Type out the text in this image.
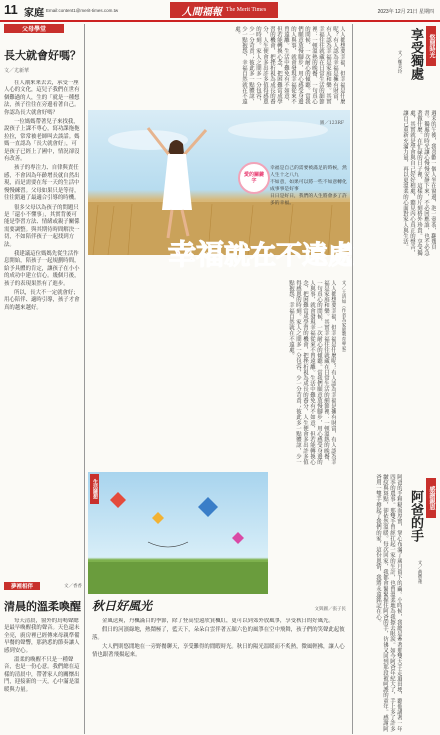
11 家庭 Email:content1@merit-times.com.tw	人間福報 The Merit Times	2023年 12月 21日 星期四
父母學堂
長大就會好嗎？
文／尤新華

在人潮來來去去，承受一座人心的文化，這兒子我們在世有個難過的人，生的「就是一種想法，孩子往往在旁邊看著自己。你認為長大就會好嗎？

一位媽媽帶著兒子來找我，說孩子上課不專心，寫功課拖拖拉拉，常常被老師叫去談話。媽媽一直認為「長大就會好」，可是孩子已經上了國中，情況卻沒有改善。

孩子的專注力、自律與責任感，不會因為年齡增長就自然出現，而是需要在每一天的生活中慢慢練習。父母如果只是等待，往往錯過了最適合引導的時機。

很多父母以為孩子的問題只是「還小不懂事」，其實背後可能是學習方法、情緒或親子關係需要調整。與其期待時間解決一切，不如陪伴孩子一起找到方法。

我建議這位媽媽先從生活作息開始，陪孩子一起規劃時間，給予具體的肯定，讓孩子在小小的成功中建立信心。幾個月後，孩子的表現果然有了進步。

所以，長大不一定就會好；用心陪伴、適時引導，孩子才會真的越來越好。

夢裡相伴	文／香香
清晨的溫柔喚醒

每天清晨，窗外的鳥鳴聲總是最早喚醒我的聲音。天色還未全亮，廚房裡已經傳來母親準備早餐的聲響，那熟悉的節奏讓人感到安心。

溫柔的喚醒不只是一種聲音，也是一份心意。我們總在這樣的清晨中，帶著家人的關懷出門，迎接新的一天，心中滿是溫暖與力量。

圖／123RF
愛的關鍵字
幸福是自己的需要被滿足的時候，然人生十之八九
不如意，如果可以將一些不如意轉化成事事是好事
日日是好日，我們的人生將會多了許多的幸福。
幸福 就在不遠處
人人都想要幸福，但幸福是什麼呢？有人認為幸福是擁有財富，有人認為幸福是家庭和樂。其實幸福往往就藏在日常生活的細節裡：一頓溫熱的晚餐、一句真心的問候、一次耐心的傾聽。當我們願意放慢腳步，用心感受身邊的人與事，就會發現幸福從來不曾遠離。生活中難免有不如意，但若能轉換心念，把困難當成學習的機會，把挫折視為成長的養分，人生便會多出許多值得感恩的時刻。家人之間多一分包容，少一分苛責；彼此多一點體諒，少一點抱怨，幸福自然就在不遠處。
悠閒時光
享受獨處
文／鄭美玲
週末的午後，我喜歡一個人坐在窗邊，泡一壺茶，翻幾頁書。獨處的時光讓心慢慢安靜下來，不必回應誰，也不必急著做什麼。在忙碌的日子裡，這樣的片刻格外珍貴。享受獨處，其實就是學會與自己好好相處，聽見內心真正的聲音，讓自己重新充滿力量，再以更溫柔的心面對家人與生活。
文／王清如（作者為家庭教育專家）
人人都想要幸福，但幸福是什麼呢？有人認為幸福是擁有財富，有人認為幸福是家庭和樂。其實幸福往往就藏在日常生活的細節裡：一頓溫熱的晚餐、一句真心的問候、一次耐心的傾聽。當我們願意放慢腳步，用心感受身邊的人與事，就會發現幸福從來不曾遠離。生活中難免有不如意，但若能轉換心念，把困難當成學習的機會，把挫折視為成長的養分，人生便會多出許多值得感恩的時刻。家人之間多一分包容，少一分苛責；彼此多一點體諒，少一點抱怨，幸福自然就在不遠處。
生活隨想
秋日好風光	文與圖／張子民

金風送爽，丹楓滿目的季節，除了登高望遠欣賞楓紅，更可以到郊外放風箏，享受秋日的好風光。

假日的河濱綠地，熱鬧極了，藍天下，朵朵白雲伴著五顏六色的風箏在空中飛舞，孩子們的笑聲此起彼落。

大人們則悠閒地在一旁野餐聊天，享受難得的閒暇時光。秋日的陽光溫暖而不炙熱，微風輕拂，讓人心情也跟著飛揚起來。	阿爸的手粗糙而厚實，掌心布滿了歲月留下的繭。小時候，我總是牽著那雙大手走過田埂，聽他講著一年四季的農事。那雙手曾經扛起一家的生計，也曾溫柔地為我擦去眼淚。如今阿爸年紀大了，手上多了許多皺紋與斑點，卻依然溫暖。每次回家，我都會緊緊握住阿爸的手，彷彿又回到那段被呵護的童年。感謝阿爸用一雙手撐起了我們的家，這份恩情，我將永遠銘記在心。	感謝親恩
阿爸的手
文／黃寶蓮
